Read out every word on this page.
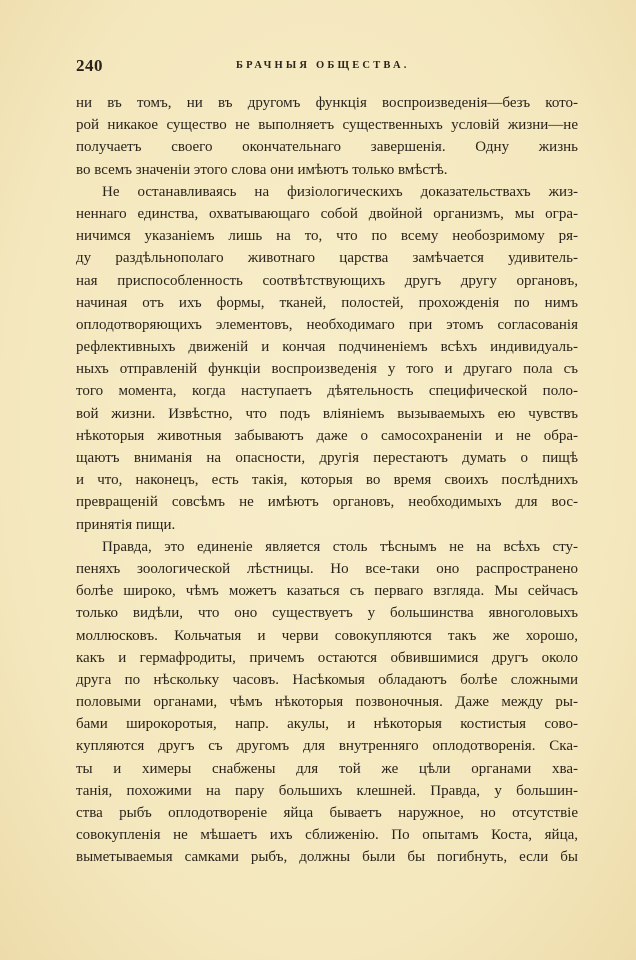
240	БРАЧНЫЯ ОБЩЕСТВА.
ни въ томъ, ни въ другомъ функція воспроизведенія—безъ кото-
рой никакое существо не выполняетъ существенныхъ условій жизни—не получаетъ своего окончательнаго завершенія. Одну жизнь
во всемъ значеніи этого слова они имѣютъ только вмѣстѣ.
Не останавливаясь на физіологическихъ доказательствахъ жиз-
неннаго единства, охватывающаго собой двойной организмъ, мы огра-
ничимся указаніемъ лишь на то, что по всему необозримому ря-
ду раздѣльнополаго животнаго царства замѣчается удивитель-
ная приспособленность соотвѣтствующихъ другъ другу органовъ,
начиная отъ ихъ формы, тканей, полостей, прохожденія по нимъ
оплодотворяющихъ элементовъ, необходимаго при этомъ согласованія
рефлективныхъ движеній и кончая подчиненіемъ всѣхъ индивидуаль-
ныхъ отправленій функціи воспроизведенія у того и другаго пола съ
того момента, когда наступаетъ дѣятельность специфической поло-
вой жизни. Извѣстно, что подъ вліяніемъ вызываемыхъ ею чувствъ
нѣкоторыя животныя забываютъ даже о самосохраненіи и не обра-
щаютъ вниманія на опасности, другія перестаютъ думать о пищѣ
и что, наконецъ, есть такія, которыя во время своихъ послѣднихъ
превращеній совсѣмъ не имѣютъ органовъ, необходимыхъ для вос-
принятія пищи.
Правда, это единеніе является столь тѣснымъ не на всѣхъ сту-
пеняхъ зоологической лѣстницы. Но все-таки оно распространено
болѣе широко, чѣмъ можетъ казаться съ перваго взгляда. Мы сейчасъ
только видѣли, что оно существуетъ у большинства явноголовыхъ
моллюсковъ. Кольчатыя и черви совокупляются такъ же хорошо,
какъ и гермафродиты, причемъ остаются обвившимися другъ около
друга по нѣскольку часовъ. Насѣкомыя обладаютъ болѣе сложными
половыми органами, чѣмъ нѣкоторыя позвоночныя. Даже между ры-
бами широкоротыя, напр. акулы, и нѣкоторыя костистыя сово-
купляются другъ съ другомъ для внутренняго оплодотворенія. Ска-
ты и химеры снабжены для той же цѣли органами хва-
танія, похожими на пару большихъ клешней. Правда, у большин-
ства рыбъ оплодотвореніе яйца бываетъ наружное, но отсутствіе
совокупленія не мѣшаетъ ихъ сближенію. По опытамъ Коста, яйца,
выметываемыя самками рыбъ, должны были бы погибнуть, если бы
